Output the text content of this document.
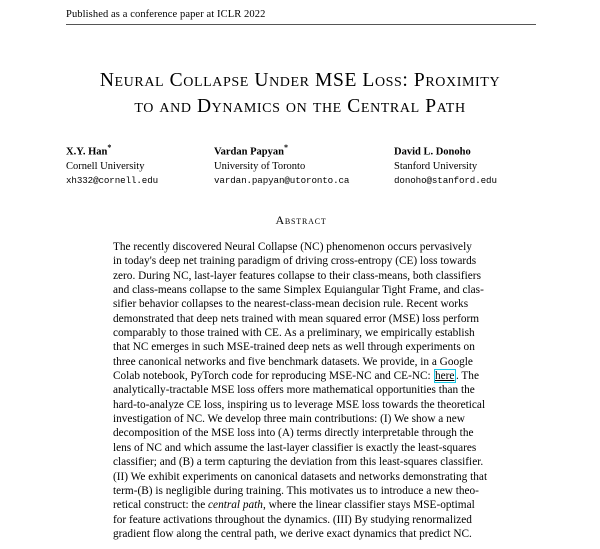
Published as a conference paper at ICLR 2022
Neural Collapse Under MSE Loss: Proximity
to and Dynamics on the Central Path
X.Y. Han*
Cornell University
xh332@cornell.edu
Vardan Papyan*
University of Toronto
vardan.papyan@utoronto.ca
David L. Donoho
Stanford University
donoho@stanford.edu
Abstract
The recently discovered Neural Collapse (NC) phenomenon occurs pervasively
in today's deep net training paradigm of driving cross-entropy (CE) loss towards
zero. During NC, last-layer features collapse to their class-means, both classifiers
and class-means collapse to the same Simplex Equiangular Tight Frame, and clas-
sifier behavior collapses to the nearest-class-mean decision rule. Recent works
demonstrated that deep nets trained with mean squared error (MSE) loss perform
comparably to those trained with CE. As a preliminary, we empirically establish
that NC emerges in such MSE-trained deep nets as well through experiments on
three canonical networks and five benchmark datasets. We provide, in a Google
Colab notebook, PyTorch code for reproducing MSE-NC and CE-NC: here . The
analytically-tractable MSE loss offers more mathematical opportunities than the
hard-to-analyze CE loss, inspiring us to leverage MSE loss towards the theoretical
investigation of NC. We develop three main contributions: (I) We show a new
decomposition of the MSE loss into (A) terms directly interpretable through the
lens of NC and which assume the last-layer classifier is exactly the least-squares
classifier; and (B) a term capturing the deviation from this least-squares classifier.
(II) We exhibit experiments on canonical datasets and networks demonstrating that
term-(B) is negligible during training. This motivates us to introduce a new theo-
retical construct: the central path, where the linear classifier stays MSE-optimal
for feature activations throughout the dynamics. (III) By studying renormalized
gradient flow along the central path, we derive exact dynamics that predict NC.
